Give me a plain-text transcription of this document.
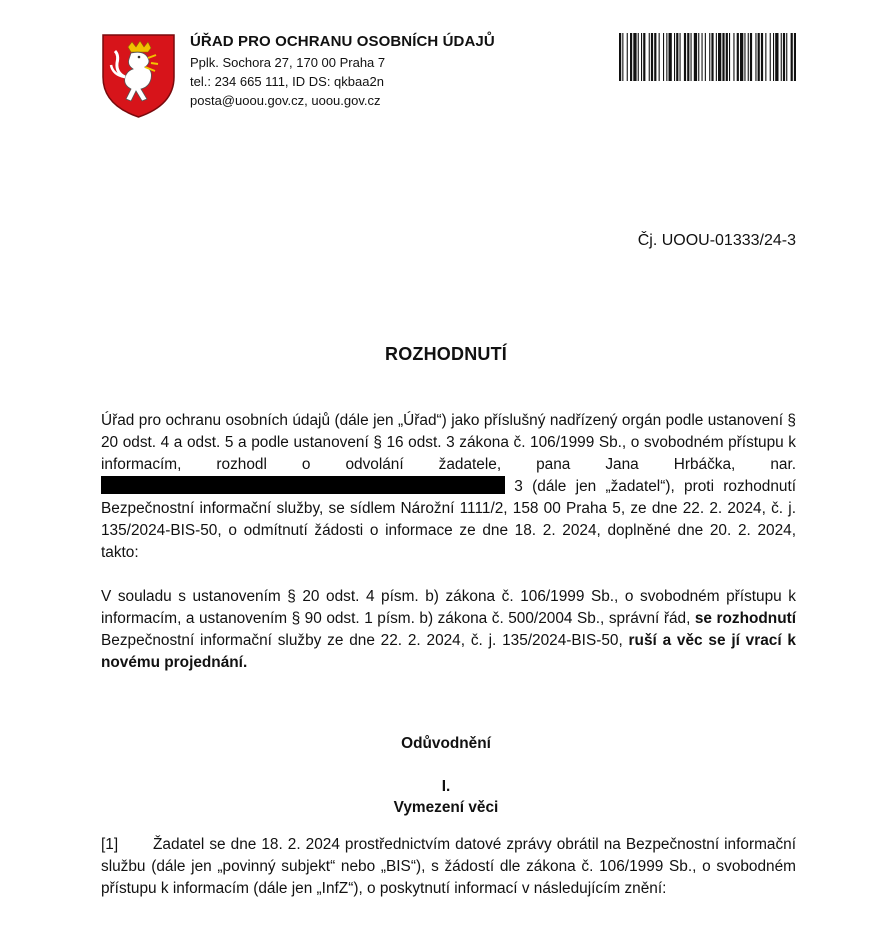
ÚŘAD PRO OCHRANU OSOBNÍCH ÚDAJŮ
Pplk. Sochora 27, 170 00 Praha 7
tel.: 234 665 111, ID DS: qkbaa2n
posta@uoou.gov.cz, uoou.gov.cz
Čj. UOOU-01333/24-3
ROZHODNUTÍ

Úřad pro ochranu osobních údajů (dále jen „Úřad“) jako příslušný nadřízený orgán podle ustanovení § 20 odst. 4 a odst. 5 a podle ustanovení § 16 odst. 3 zákona č. 106/1999 Sb., o svobodném přístupu k informacím, rozhodl o odvolání žadatele, pana Jana Hrbáčka, nar.  3 (dále jen „žadatel“), proti rozhodnutí Bezpečnostní informační služby, se sídlem Nárožní 1111/2, 158 00 Praha 5, ze dne 22. 2. 2024, č. j. 135/2024-BIS-50, o odmítnutí žádosti o informace ze dne 18. 2. 2024, doplněné dne 20. 2. 2024, takto:

V souladu s ustanovením § 20 odst. 4 písm. b) zákona č. 106/1999 Sb., o svobodném přístupu k informacím, a ustanovením § 90 odst. 1 písm. b) zákona č. 500/2004 Sb., správní řád, se rozhodnutí Bezpečnostní informační služby ze dne 22. 2. 2024, č. j. 135/2024-BIS-50, ruší a věc se jí vrací k novému projednání.

Odůvodnění
I.
Vymezení věci

[1] Žadatel se dne 18. 2. 2024 prostřednictvím datové zprávy obrátil na Bezpečnostní informační službu (dále jen „povinný subjekt“ nebo „BIS“), s žádostí dle zákona č. 106/1999 Sb., o svobodném přístupu k informacím (dále jen „InfZ“), o poskytnutí informací v následujícím znění:
